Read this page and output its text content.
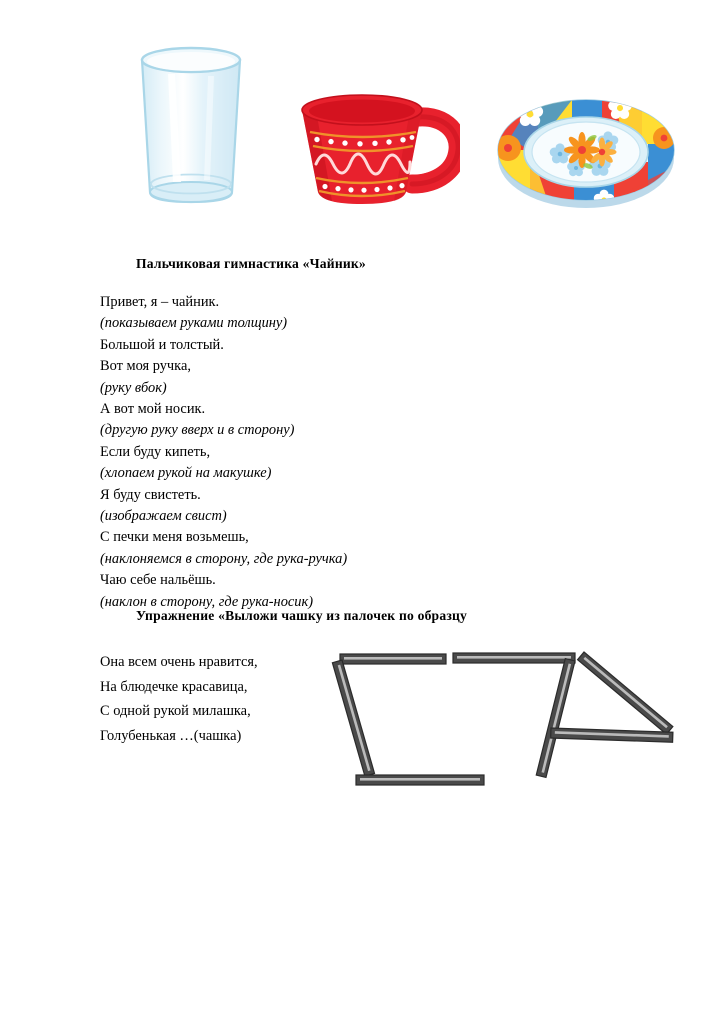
Пальчиковая гимнастика «Чайник»
Привет, я – чайник.
(показываем руками толщину)
Большой и толстый.
Вот моя ручка,
(руку вбок)
А вот мой носик.
(другую руку вверх и в сторону)
Если буду кипеть,
(хлопаем рукой на макушке)
Я буду свистеть.
(изображаем свист)
С печки меня возьмешь,
(наклоняемся в сторону, где рука-ручка)
Чаю себе нальёшь.
(наклон в сторону, где рука-носик)
Упражнение «Выложи чашку из палочек по образцу
Она всем очень нравится,
На блюдечке красавица,
С одной рукой милашка,
Голубенькая …(чашка)
